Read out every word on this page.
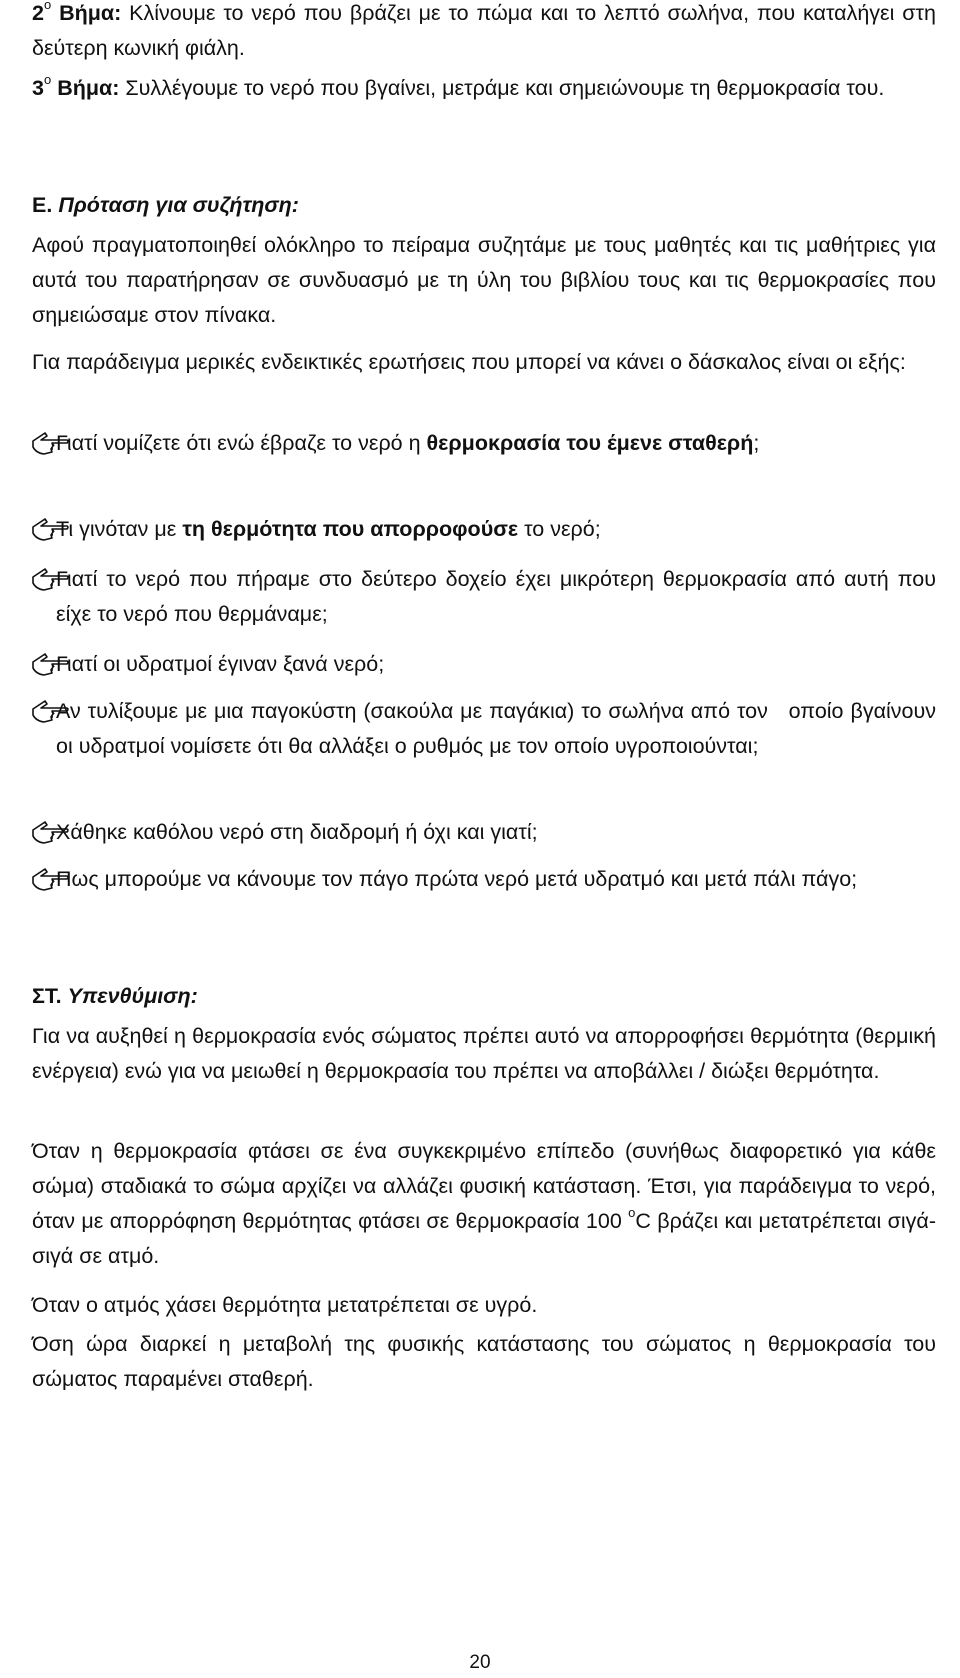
$2^o$ Βήμα: Κλίνουμε το νερό που βράζει με το πώμα και το λεπτό σωλήνα, που καταλήγει στη δεύτερη κωνική φιάλη.

$3^o$ Βήμα: Συλλέγουμε το νερό που βγαίνει, μετράμε και σημειώνουμε τη θερμοκρασία του.

Ε. Πρόταση για συζήτηση:

Αφού πραγματοποιηθεί ολόκληρο το πείραμα συζητάμε με τους μαθητές και τις μαθήτριες για αυτά του παρατήρησαν σε συνδυασμό με τη ύλη του βιβλίου τους και τις θερμοκρασίες που σημειώσαμε στον πίνακα.

Για παράδειγμα μερικές ενδεικτικές ερωτήσεις που μπορεί να κάνει ο δάσκαλος είναι οι εξής:

Γιατί νομίζετε ότι ενώ έβραζε το νερό η θερμοκρασία του έμενε σταθερή;

Τι γινόταν με τη θερμότητα που απορροφούσε το νερό;

Γιατί το νερό που πήραμε στο δεύτερο δοχείο έχει μικρότερη θερμοκρασία από αυτή που είχε το νερό που θερμάναμε;

Γιατί οι υδρατμοί έγιναν ξανά νερό;

Αν τυλίξουμε με μια παγοκύστη (σακούλα με παγάκια) το σωλήνα από τον   οποίο βγαίνουν οι υδρατμοί νομίσετε ότι θα αλλάξει ο ρυθμός με τον οποίο υγροποιούνται;

Χάθηκε καθόλου νερό στη διαδρομή ή όχι και γιατί;

Πως μπορούμε να κάνουμε τον πάγο πρώτα νερό μετά υδρατμό και μετά πάλι πάγο;

ΣΤ. Υπενθύμιση:

Για να αυξηθεί η θερμοκρασία ενός σώματος πρέπει αυτό να απορροφήσει θερμότητα (θερμική ενέργεια) ενώ για να μειωθεί η θερμοκρασία του πρέπει να αποβάλλει / διώξει θερμότητα.

Όταν η θερμοκρασία φτάσει σε ένα συγκεκριμένο επίπεδο (συνήθως διαφορετικό για κάθε σώμα) σταδιακά το σώμα αρχίζει να αλλάζει φυσική κατάσταση. Έτσι, για παράδειγμα το νερό, όταν με απορρόφηση θερμότητας φτάσει σε θερμοκρασία 100 $^o$C βράζει και μετατρέπεται σιγά-σιγά σε ατμό.

Όταν ο ατμός χάσει θερμότητα μετατρέπεται σε υγρό.

Όση ώρα διαρκεί η μεταβολή της φυσικής κατάστασης του σώματος η θερμοκρασία του σώματος παραμένει σταθερή.

20
